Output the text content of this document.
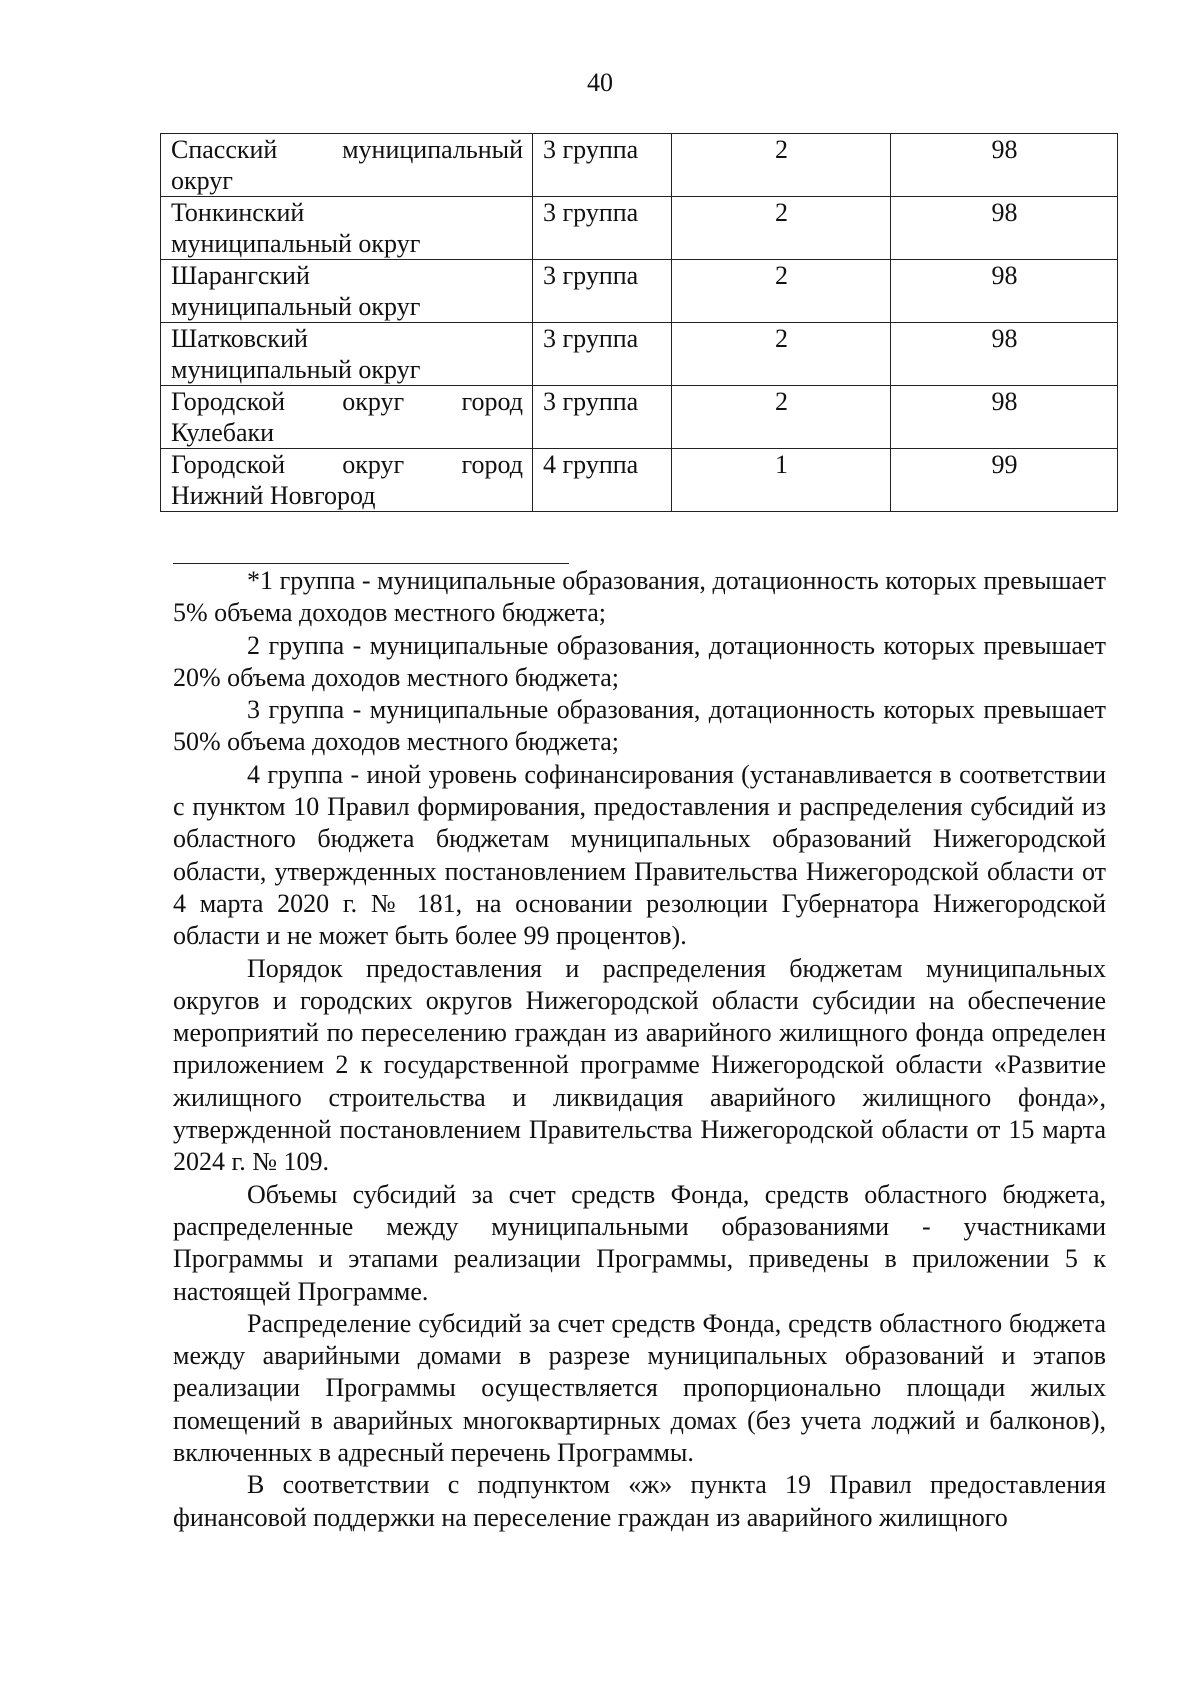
40
Спасский муниципальный
округ	3 группа	2	98

Тонкинский
муниципальный округ	3 группа	2	98

Шарангский
муниципальный округ	3 группа	2	98

Шатковский
муниципальный округ	3 группа	2	98

Городской округ город
Кулебаки	3 группа	2	98

Городской округ город
Нижний Новгород	4 группа	1	99

*1 группа - муниципальные образования, дотационность которых превышает 5% объема доходов местного бюджета;

2 группа - муниципальные образования, дотационность которых превышает 20% объема доходов местного бюджета;

3 группа - муниципальные образования, дотационность которых превышает 50% объема доходов местного бюджета;

4 группа - иной уровень софинансирования (устанавливается в соответствии с пунктом 10 Правил формирования, предоставления и распределения субсидий из областного бюджета бюджетам муниципальных образований Нижегородской области, утвержденных постановлением Правительства Нижегородской области от 4 марта 2020 г. № 181, на основании резолюции Губернатора Нижегородской области и не может быть более 99 процентов).

Порядок предоставления и распределения бюджетам муниципальных округов и городских округов Нижегородской области субсидии на обеспечение мероприятий по переселению граждан из аварийного жилищного фонда определен приложением 2 к государственной программе Нижегородской области «Развитие жилищного строительства и ликвидация аварийного жилищного фонда», утвержденной постановлением Правительства Нижегородской области от 15 марта 2024 г. № 109.

Объемы субсидий за счет средств Фонда, средств областного бюджета, распределенные между муниципальными образованиями - участниками Программы и этапами реализации Программы, приведены в приложении 5 к настоящей Программе.

Распределение субсидий за счет средств Фонда, средств областного бюджета между аварийными домами в разрезе муниципальных образований и этапов реализации Программы осуществляется пропорционально площади жилых помещений в аварийных многоквартирных домах (без учета лоджий и балконов), включенных в адресный перечень Программы.

В соответствии с подпунктом «ж» пункта 19 Правил предоставления финансовой поддержки на переселение граждан из аварийного жилищного
